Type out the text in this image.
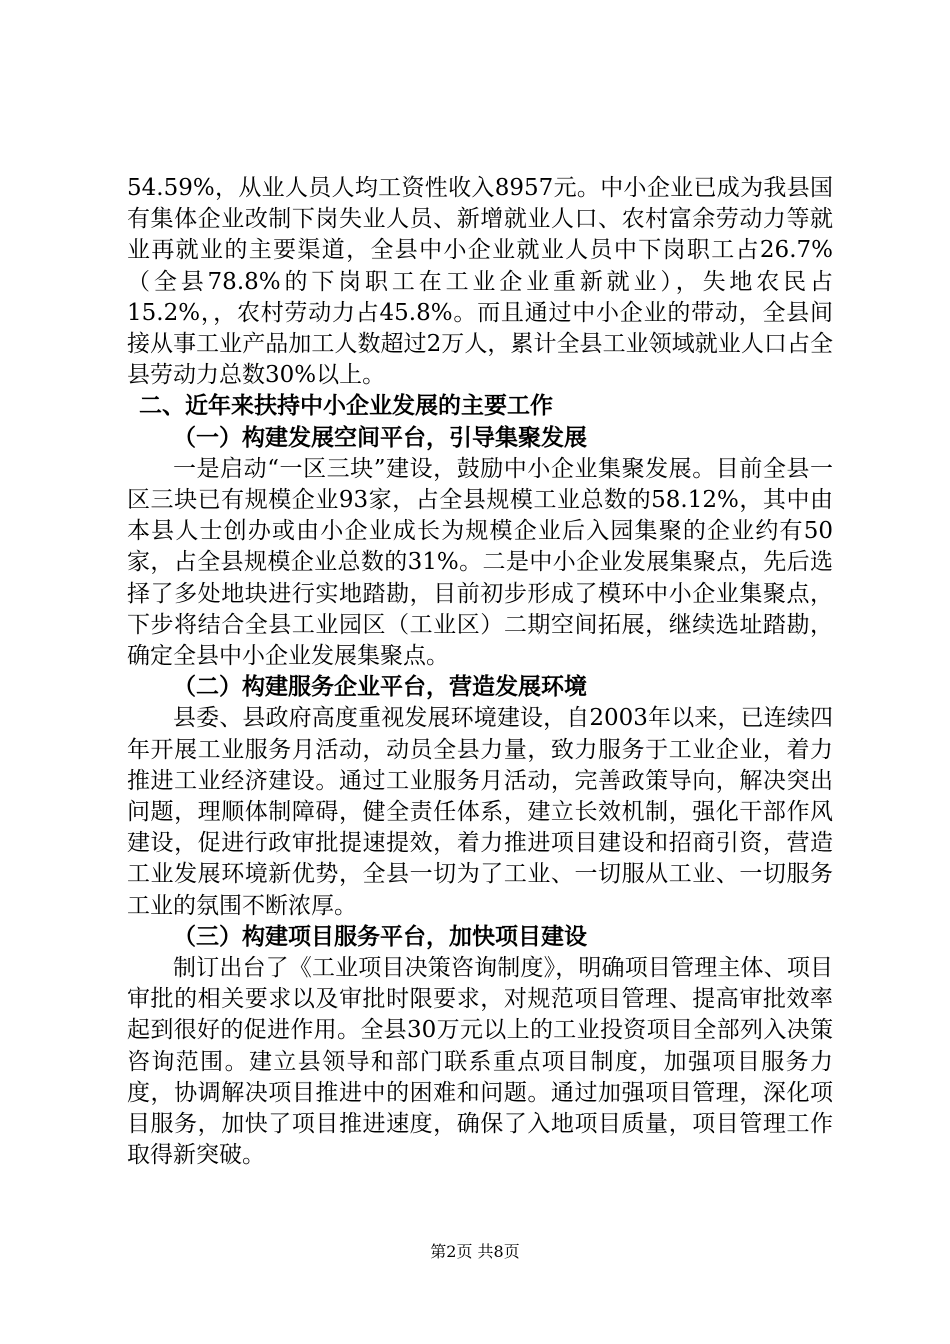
54.59%，从业人员人均工资性收入8957元。中小企业已成为我县国有集体企业改制下岗失业人员、新增就业人口、农村富余劳动力等就业再就业的主要渠道，全县中小企业就业人员中下岗职工占26.7%（全县78.8%的下岗职工在工业企业重新就业），失地农民占15.2%，，农村劳动力占45.8%。而且通过中小企业的带动，全县间接从事工业产品加工人数超过2万人，累计全县工业领域就业人口占全县劳动力总数30%以上。

二、近年来扶持中小企业发展的主要工作

（一）构建发展空间平台，引导集聚发展

一是启动“一区三块”建设，鼓励中小企业集聚发展。目前全县一区三块已有规模企业93家，占全县规模工业总数的58.12%，其中由本县人士创办或由小企业成长为规模企业后入园集聚的企业约有50家，占全县规模企业总数的31%。二是中小企业发展集聚点，先后选择了多处地块进行实地踏勘，目前初步形成了模环中小企业集聚点，下步将结合全县工业园区（工业区）二期空间拓展，继续选址踏勘，确定全县中小企业发展集聚点。

（二）构建服务企业平台，营造发展环境

县委、县政府高度重视发展环境建设，自2003年以来，已连续四年开展工业服务月活动，动员全县力量，致力服务于工业企业，着力推进工业经济建设。通过工业服务月活动，完善政策导向，解决突出问题，理顺体制障碍，健全责任体系，建立长效机制，强化干部作风建设，促进行政审批提速提效，着力推进项目建设和招商引资，营造工业发展环境新优势，全县一切为了工业、一切服从工业、一切服务工业的氛围不断浓厚。

（三）构建项目服务平台，加快项目建设

制订出台了《工业项目决策咨询制度》，明确项目管理主体、项目审批的相关要求以及审批时限要求，对规范项目管理、提高审批效率起到很好的促进作用。全县30万元以上的工业投资项目全部列入决策咨询范围。建立县领导和部门联系重点项目制度，加强项目服务力度，协调解决项目推进中的困难和问题。通过加强项目管理，深化项目服务，加快了项目推进速度，确保了入地项目质量，项目管理工作取得新突破。

第2页 共8页
